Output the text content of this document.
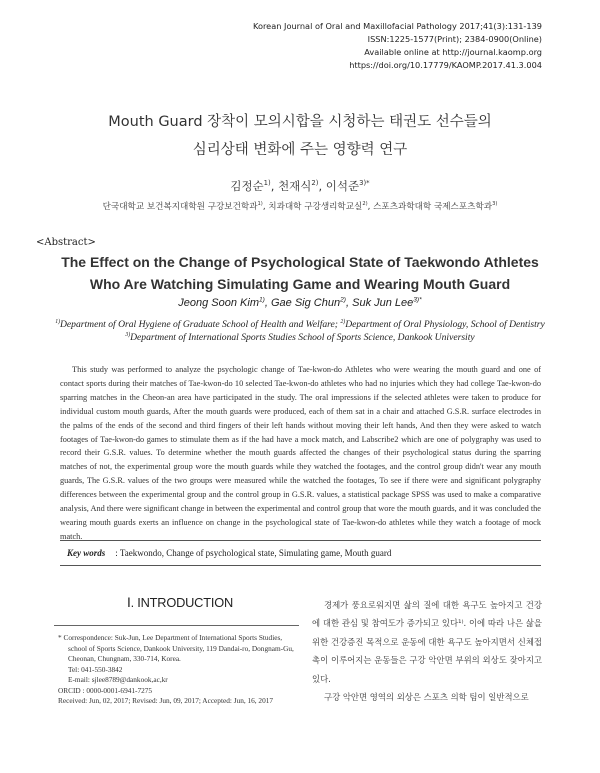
Korean Journal of Oral and Maxillofacial Pathology 2017;41(3):131-139
ISSN:1225-1577(Print); 2384-0900(Online)
Available online at http://journal.kaomp.org
https://doi.org/10.17779/KAOMP.2017.41.3.004
Mouth Guard 장착이 모의시합을 시청하는 태권도 선수들의
심리상태 변화에 주는 영향력 연구
김정순$^{1)}$, 천재식$^{2)}$, 이석준$^{3)*}$
단국대학교 보건복지대학원 구강보건학과$^{1)}$, 치과대학 구강생리학교실$^{2)}$, 스포츠과학대학 국제스포츠학과$^{3)}$
<Abstract>
The Effect on the Change of Psychological State of Taekwondo Athletes
Who Are Watching Simulating Game and Wearing Mouth Guard
Jeong Soon Kim$^{1)}$, Gae Sig Chun$^{2)}$, Suk Jun Lee$^{3)*}$
$^{1)}$Department of Oral Hygiene of Graduate School of Health and Welfare; $^{2)}$Department of Oral Physiology, School of Dentistry
$^{3)}$Department of International Sports Studies School of Sports Science, Dankook University

This study was performed to analyze the psychologic change of Tae-kwon-do Athletes who were wearing the mouth guard and one of contact sports during their matches of Tae-kwon-do 10 selected Tae-kwon-do athletes who had no injuries which they had college Tae-kwon-do sparring matches in the Cheon-an area have participated in the study. The oral impressions if the selected athletes were taken to produce for individual custom mouth guards, After the mouth guards were produced, each of them sat in a chair and attached G.S.R. surface electrodes in the palms of the ends of the second and third fingers of their left hands without moving their left hands, And then they were asked to watch footages of Tae-kwon-do games to stimulate them as if the had have a mock match, and Labscribe2 which are one of polygraphy was used to record their G.S.R. values. To determine whether the mouth guards affected the changes of their psychological status during the sparring matches of not, the experimental group wore the mouth guards while they watched the footages, and the control group didn't wear any mouth guards, The G.S.R. values of the two groups were measured while the watched the footages, To see if there were and significant polygraphy differences between the experimental group and the control group in G.S.R. values, a statistical package SPSS was used to make a comparative analysis, And there were significant change in between the experimental and control group that wore the mouth guards, and it was concluded the wearing mouth guards exerts an influence on change in the psychological state of Tae-kwon-do athletes while they watch a footage of mock match.

Key words : Taekwondo, Change of psychological state, Simulating game, Mouth guard
Ⅰ. INTRODUCTION

* Correspondence: Suk-Jun, Lee Department of International Sports Studies, school of Sports Science, Dankook University, 119 Dandai-ro, Dongnam-Gu, Cheonan, Chungnam, 330-714, Korea.

Tel: 041-550-3842

E-mail: sjlee8789@dankook,ac,kr

ORCID : 0000-0001-6941-7275

Received: Jun, 02, 2017; Revised: Jun, 09, 2017; Accepted: Jun, 16, 2017

경제가 풍요로워지면 삶의 질에 대한 욕구도 높아지고 건강에 대한 관심 및 참여도가 증가되고 있다¹⁾. 이에 따라 나은 삶을 위한 건강증진 목적으로 운동에 대한 욕구도 높아지면서 신체접촉이 이루어지는 운동들은 구강 악안면 부위의 외상도 잦아지고 있다.

구강 악안면 영역의 외상은 스포츠 의학 팀이 일반적으로
